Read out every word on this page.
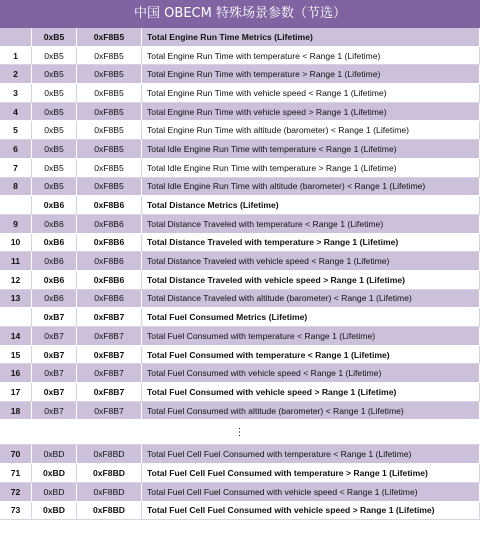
中国 OBECM 特殊场景参数（节选）
	0xB5	0xF8B5	Total Engine Run Time Metrics (Lifetime)
1	0xB5	0xF8B5	Total Engine Run Time with temperature < Range 1 (Lifetime)
2	0xB5	0xF8B5	Total Engine Run Time with temperature > Range 1 (Lifetime)
3	0xB5	0xF8B5	Total Engine Run Time with vehicle speed < Range 1 (Lifetime)
4	0xB5	0xF8B5	Total Engine Run Time with vehicle speed > Range 1 (Lifetime)
5	0xB5	0xF8B5	Total Engine Run Time with altitude (barometer) < Range 1 (Lifetime)
6	0xB5	0xF8B5	Total Idle Engine Run Time with temperature < Range 1 (Lifetime)
7	0xB5	0xF8B5	Total Idle Engine Run Time with temperature > Range 1 (Lifetime)
8	0xB5	0xF8B5	Total Idle Engine Run Time with altitude (barometer) < Range 1 (Lifetime)
	0xB6	0xF8B6	Total Distance Metrics (Lifetime)
9	0xB6	0xF8B6	Total Distance Traveled with temperature < Range 1 (Lifetime)
10	0xB6	0xF8B6	Total Distance Traveled with temperature > Range 1 (Lifetime)
11	0xB6	0xF8B6	Total Distance Traveled with vehicle speed < Range 1 (Lifetime)
12	0xB6	0xF8B6	Total Distance Traveled with vehicle speed > Range 1 (Lifetime)
13	0xB6	0xF8B6	Total Distance Traveled with altitude (barometer) < Range 1 (Lifetime)
	0xB7	0xF8B7	Total Fuel Consumed Metrics (Lifetime)
14	0xB7	0xF8B7	Total Fuel Consumed with temperature < Range 1 (Lifetime)
15	0xB7	0xF8B7	Total Fuel Consumed with temperature < Range 1 (Lifetime)
16	0xB7	0xF8B7	Total Fuel Consumed with vehicle speed < Range 1 (Lifetime)
17	0xB7	0xF8B7	Total Fuel Consumed with vehicle speed > Range 1 (Lifetime)
18	0xB7	0xF8B7	Total Fuel Consumed with altitude (barometer) < Range 1 (Lifetime)
⋮			
70	0xBD	0xF8BD	Total Fuel Cell Fuel Consumed with temperature < Range 1 (Lifetime)
71	0xBD	0xF8BD	Total Fuel Cell Fuel Consumed with temperature > Range 1 (Lifetime)
72	0xBD	0xF8BD	Total Fuel Cell Fuel Consumed with vehicle speed < Range 1 (Lifetime)
73	0xBD	0xF8BD	Total Fuel Cell Fuel Consumed with vehicle speed > Range 1 (Lifetime)
